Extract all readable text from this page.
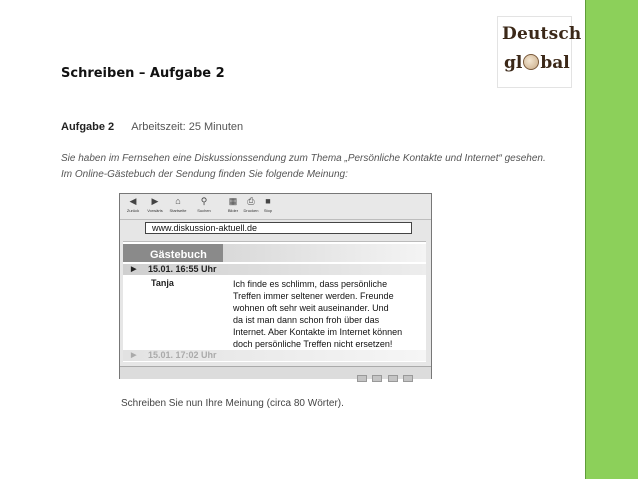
Deutsch
gl bal
Schreiben – Aufgabe 2
Aufgabe 2 Arbeitszeit: 25 Minuten
Sie haben im Fernsehen eine Diskussionssendung zum Thema „Persönliche Kontakte und Internet“ gesehen.
Im Online-Gästebuch der Sendung finden Sie folgende Meinung:
◀
Zurück
▶
Vorwärts
⌂
Startseite
⚲
Suchen
▦
Bilder
⎙
Drucken
■
Stop
www.diskussion-aktuell.de
Gästebuch
▶ 15.01. 16:55 Uhr
Tanja	Ich finde es schlimm, dass persönliche
Treffen immer seltener werden. Freunde
wohnen oft sehr weit auseinander. Und
da ist man dann schon froh über das
Internet. Aber Kontakte im Internet können
doch persönliche Treffen nicht ersetzen!
▶ 15.01. 17:02 Uhr

Schreiben Sie nun Ihre Meinung (circa 80 Wörter).
